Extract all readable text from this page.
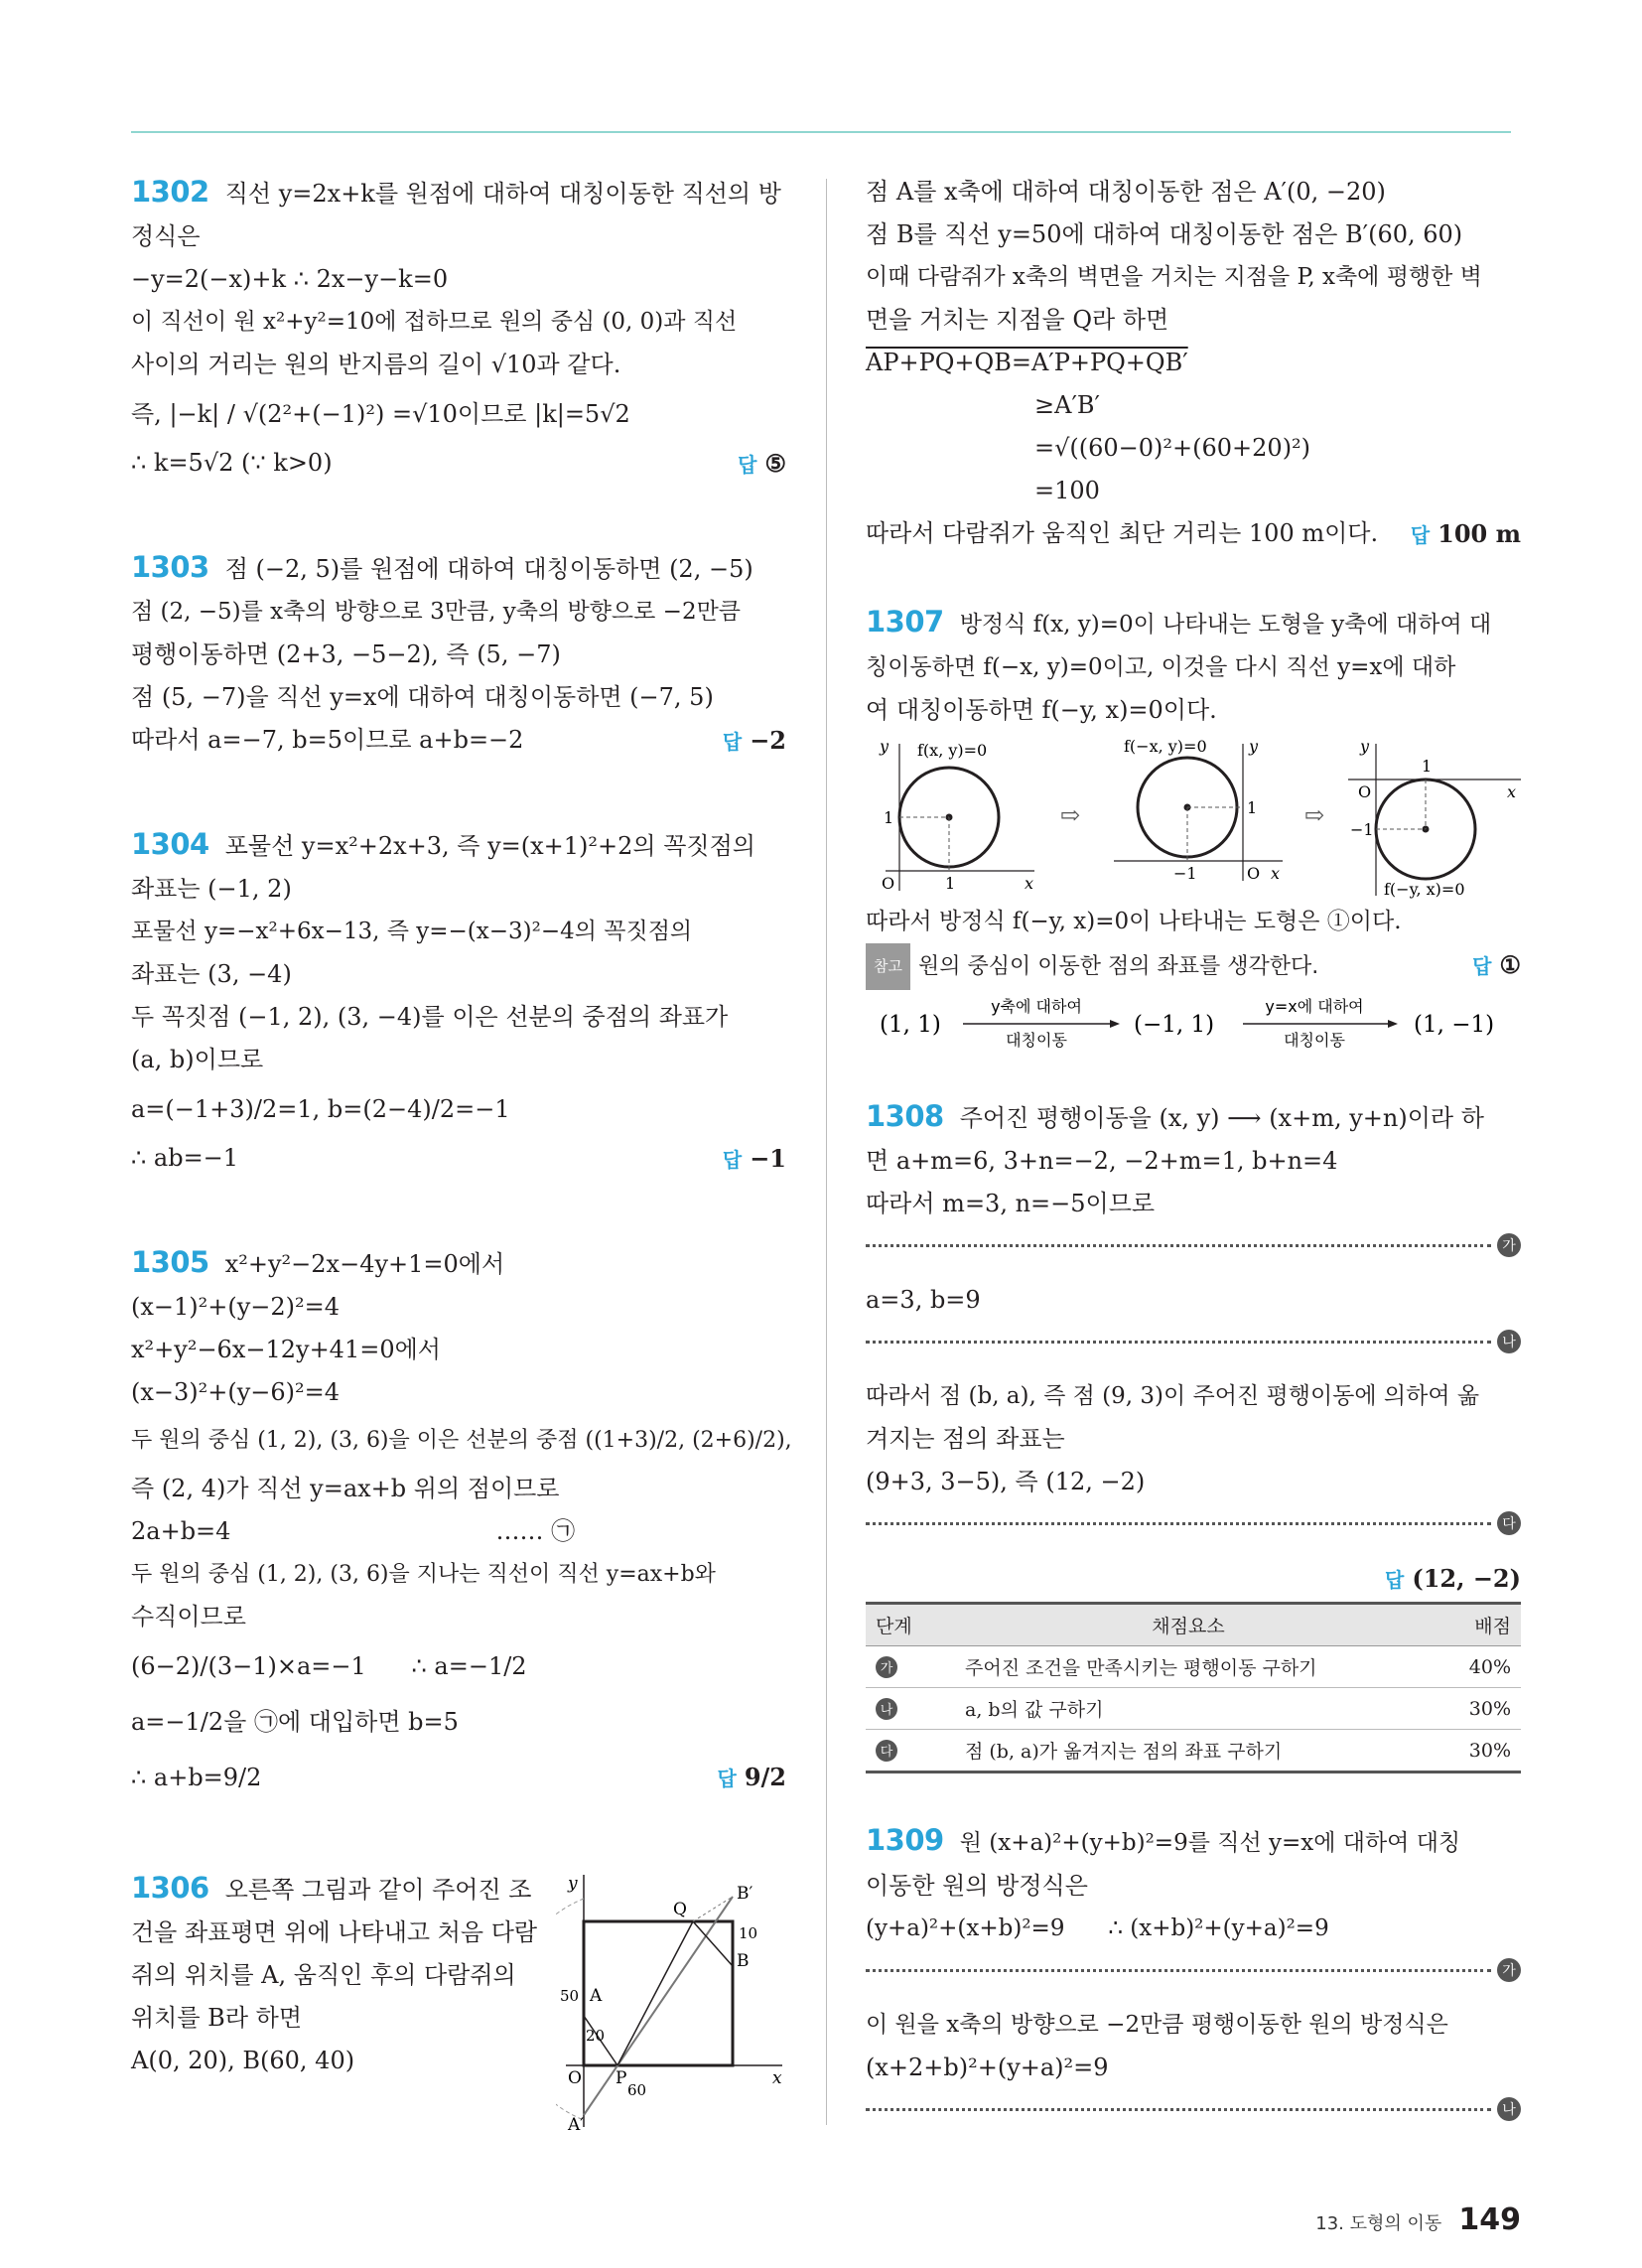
1302 직선 y=2x+k를 원점에 대하여 대칭이동한 직선의 방
정식은
−y=2(−x)+k ∴ 2x−y−k=0
이 직선이 원 x²+y²=10에 접하므로 원의 중심 (0, 0)과 직선
사이의 거리는 원의 반지름의 길이 √10과 같다.
즉, |−k| / √(2²+(−1)²) =√10이므로 |k|=5√2
∴ k=5√2 (∵ k>0)	답 ⑤
1303 점 (−2, 5)를 원점에 대하여 대칭이동하면 (2, −5)
점 (2, −5)를 x축의 방향으로 3만큼, y축의 방향으로 −2만큼
평행이동하면 (2+3, −5−2), 즉 (5, −7)
점 (5, −7)을 직선 y=x에 대하여 대칭이동하면 (−7, 5)
따라서 a=−7, b=5이므로 a+b=−2	답 −2
1304 포물선 y=x²+2x+3, 즉 y=(x+1)²+2의 꼭짓점의
좌표는 (−1, 2)
포물선 y=−x²+6x−13, 즉 y=−(x−3)²−4의 꼭짓점의
좌표는 (3, −4)
두 꼭짓점 (−1, 2), (3, −4)를 이은 선분의 중점의 좌표가
(a, b)이므로
a=(−1+3)/2=1, b=(2−4)/2=−1
∴ ab=−1	답 −1
1305 x²+y²−2x−4y+1=0에서
(x−1)²+(y−2)²=4
x²+y²−6x−12y+41=0에서
(x−3)²+(y−6)²=4
두 원의 중심 (1, 2), (3, 6)을 이은 선분의 중점 ((1+3)/2, (2+6)/2),
즉 (2, 4)가 직선 y=ax+b 위의 점이므로
2a+b=4                                   …… ㉠
두 원의 중심 (1, 2), (3, 6)을 지나는 직선이 직선 y=ax+b와
수직이므로
(6−2)/(3−1)×a=−1      ∴ a=−1/2
a=−1/2을 ㉠에 대입하면 b=5
∴ a+b=9/2	답 9/2
1306 오른쪽 그림과 같이 주어진 조
건을 좌표평면 위에 나타내고 처음 다람
쥐의 위치를 A, 움직인 후의 다람쥐의
위치를 B라 하면
A(0, 20), B(60, 40)
y
Q
B′
10
B
50 A
20
O P
60
x
A′
점 A를 x축에 대하여 대칭이동한 점은 A′(0, −20)
점 B를 직선 y=50에 대하여 대칭이동한 점은 B′(60, 60)
이때 다람쥐가 x축의 벽면을 거치는 지점을 P, x축에 평행한 벽
면을 거치는 지점을 Q라 하면
AP+PQ+QB=A′P+PQ+QB′
≥A′B′
=√((60−0)²+(60+20)²)
=100
따라서 다람쥐가 움직인 최단 거리는 100 m이다. 답 100 m
1307 방정식 f(x, y)=0이 나타내는 도형을 y축에 대하여 대
칭이동하면 f(−x, y)=0이고, 이것을 다시 직선 y=x에 대하
여 대칭이동하면 f(−y, x)=0이다.
y f(x, y)=0
1
O	1	x
⇨
f(−x, y)=0	y
1
−1	O x
⇨
y
1
O	x
−1
f(−y, x)=0
따라서 방정식 f(−y, x)=0이 나타내는 도형은 ①이다.
답 ①
참고 원의 중심이 이동한 점의 좌표를 생각한다.
(1, 1)
y축에 대하여
대칭이동
(−1, 1)
y=x에 대하여
대칭이동
(1, −1)
1308 주어진 평행이동을 (x, y) ⟶ (x+m, y+n)이라 하
면 a+m=6, 3+n=−2, −2+m=1, b+n=4
따라서 m=3, n=−5이므로
가
a=3, b=9
나
따라서 점 (b, a), 즉 점 (9, 3)이 주어진 평행이동에 의하여 옮
겨지는 점의 좌표는
(9+3, 3−5), 즉 (12, −2)
다
답 (12, −2)
단계	채점요소	배점
가	주어진 조건을 만족시키는 평행이동 구하기	40%
나	a, b의 값 구하기	30%
다	점 (b, a)가 옮겨지는 점의 좌표 구하기	30%
1309 원 (x+a)²+(y+b)²=9를 직선 y=x에 대하여 대칭
이동한 원의 방정식은
(y+a)²+(x+b)²=9      ∴ (x+b)²+(y+a)²=9
가
이 원을 x축의 방향으로 −2만큼 평행이동한 원의 방정식은
(x+2+b)²+(y+a)²=9
나
13. 도형의 이동 149
